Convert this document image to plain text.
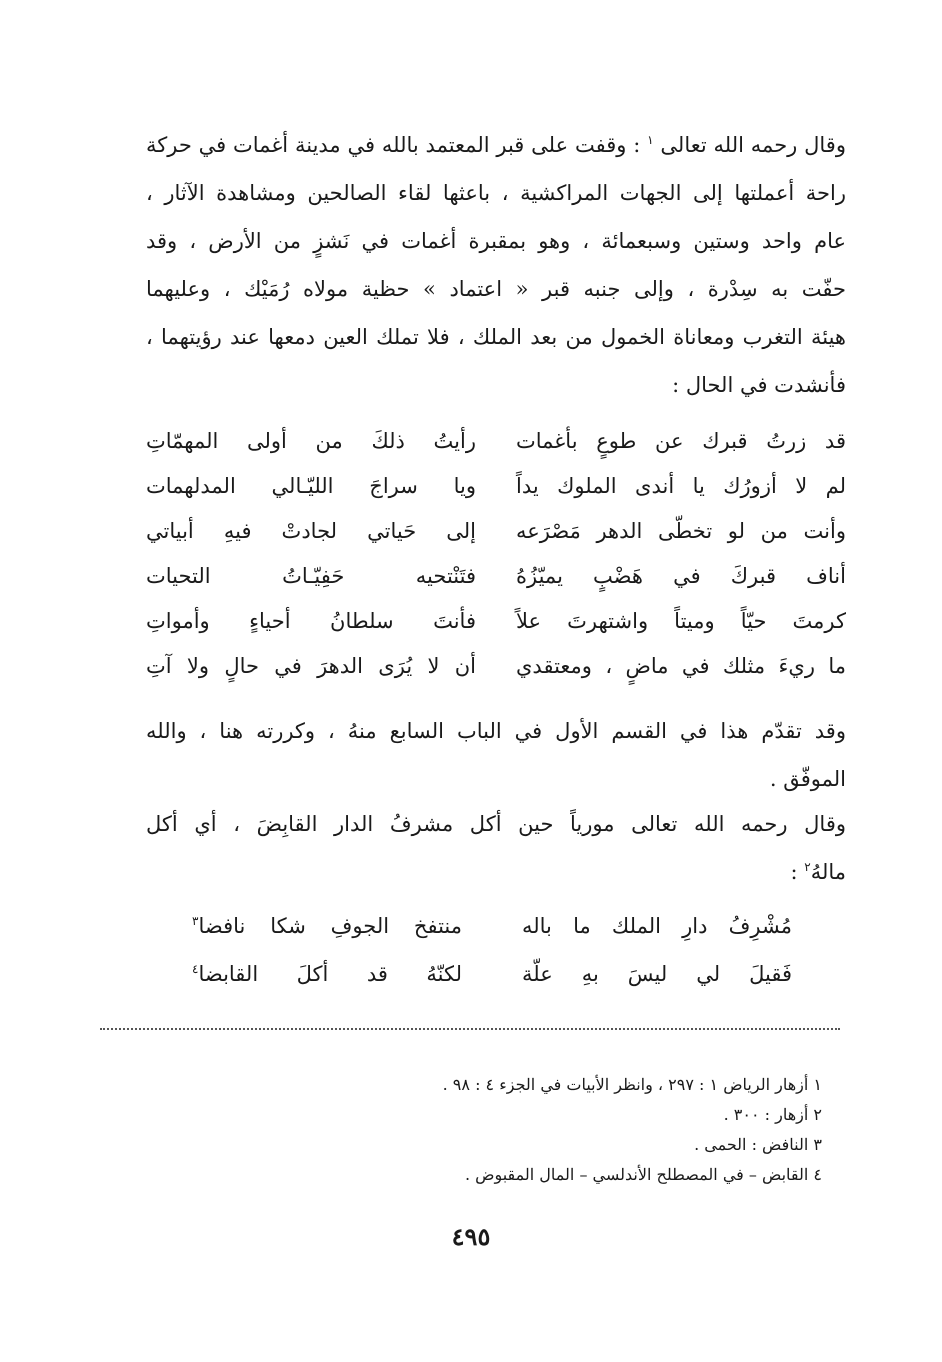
وقال رحمه الله تعالى $^١$ : وقفت على قبر المعتمد بالله في مدينة أغمات في حركة
راحة أعملتها إلى الجهات المراكشية ، باعثها لقاء الصالحين ومشاهدة الآثار ،
عام واحد وستين وسبعمائة ، وهو بمقبرة أغمات في نَشزٍ من الأرض ، وقد
حفّت به سِدْرة ، وإلى جنبه قبر « اعتماد » حظية مولاه رُمَيْك ، وعليهما
هيئة التغرب ومعاناة الخمول من بعد الملك ، فلا تملك العين دمعها عند رؤيتهما ،
فأنشدت في الحال :
قد زرتُ قبرك عن طوعٍ بأغمات
رأيتُ ذلكَ من أولى المهمّاتِ
لم لا أزورُك يا أندى الملوك يداً
ويا سراجَ الليّـالي المدلهمات
وأنت من لو تخطّى الدهر مَصْرَعه
إلى حَياتي لجادتْ فيهِ أبياتي
أناف قبركَ في هَضْبٍ يميّزُهُ
فتَنْتحيه حَفِيّـاتُ التحيات
كرمتَ حيّاً وميتاً واشتهرتَ علاً
فأنتَ سلطانُ أحياءٍ وأمواتِ
ما ريءَ مثلك في ماضٍ ، ومعتقدي
أن لا يُرَى الدهرَ في حالٍ ولا آتِ
وقد تقدّم هذا في القسم الأول في الباب السابع منهُ ، وكررته هنا ، والله
الموفّق .
وقال رحمه الله تعالى مورياً حين أكل مشرفُ الدار القابِضَ ، أي أكل
مالهُ$^٢$ :
مُشْرِفُ دارِ الملك ما باله
منتفخ الجوفِ شكا نافضا$^٣$
فَقيلَ لي ليسَ بهِ علّة
لكنّهُ قد أكلَ القابضا$^٤$
١ أزهار الرياض ١ : ٢٩٧ ، وانظر الأبيات في الجزء ٤ : ٩٨ .
٢ أزهار : ٣٠٠ .
٣ النافض : الحمى .
٤ القابض – في المصطلح الأندلسي – المال المقبوض .
٤٩٥
